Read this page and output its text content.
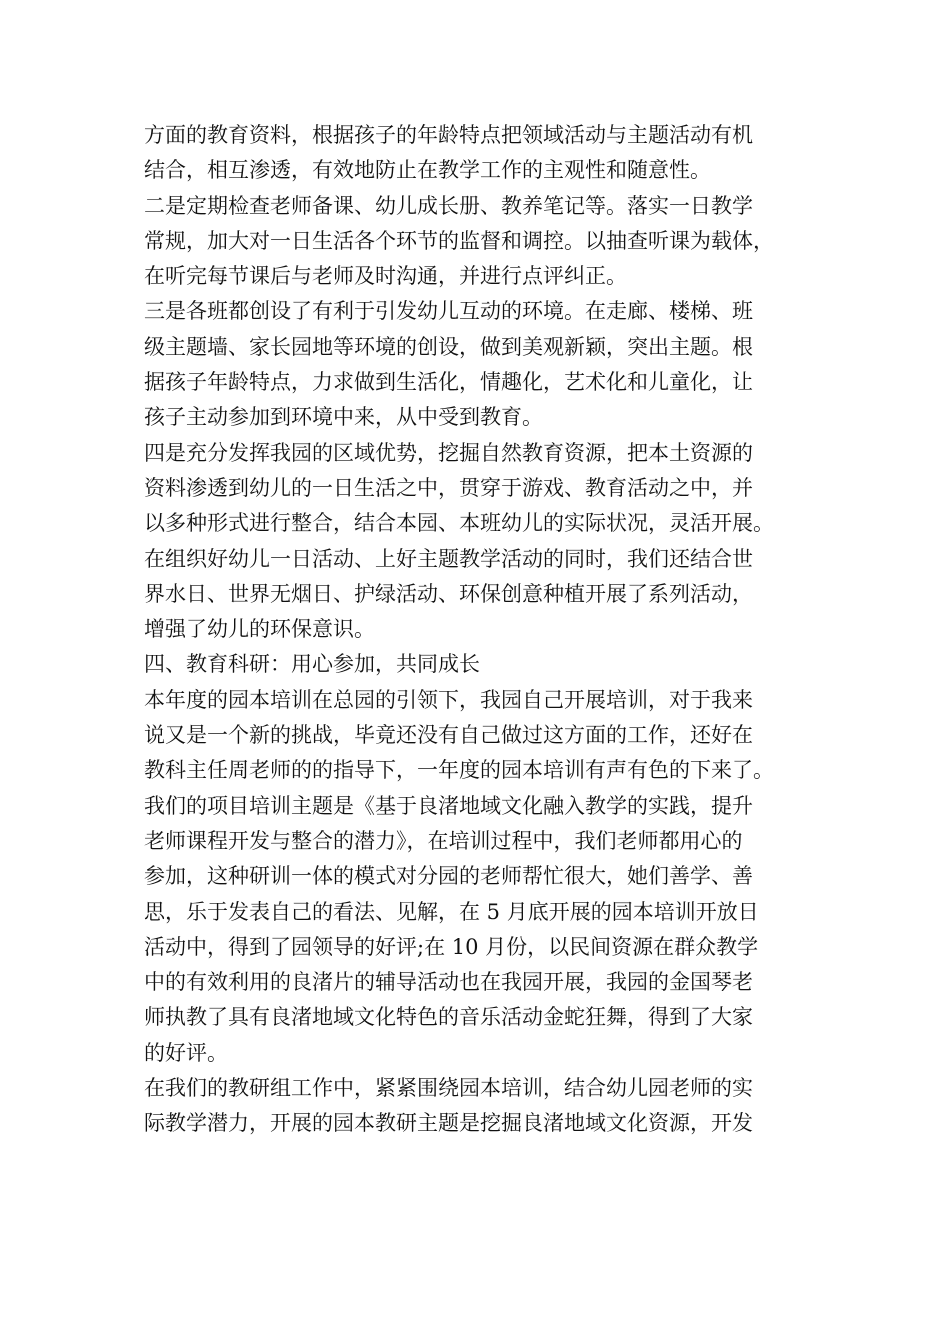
方面的教育资料，根据孩子的年龄特点把领域活动与主题活动有机
结合，相互渗透，有效地防止在教学工作的主观性和随意性。
二是定期检查老师备课、幼儿成长册、教养笔记等。落实一日教学
常规，加大对一日生活各个环节的监督和调控。以抽查听课为载体，
在听完每节课后与老师及时沟通，并进行点评纠正。
三是各班都创设了有利于引发幼儿互动的环境。在走廊、楼梯、班
级主题墙、家长园地等环境的创设，做到美观新颖，突出主题。根
据孩子年龄特点，力求做到生活化，情趣化，艺术化和儿童化，让
孩子主动参加到环境中来，从中受到教育。
四是充分发挥我园的区域优势，挖掘自然教育资源，把本土资源的
资料渗透到幼儿的一日生活之中，贯穿于游戏、教育活动之中，并
以多种形式进行整合，结合本园、本班幼儿的实际状况，灵活开展。
在组织好幼儿一日活动、上好主题教学活动的同时，我们还结合世
界水日、世界无烟日、护绿活动、环保创意种植开展了系列活动，
增强了幼儿的环保意识。
四、教育科研：用心参加，共同成长
本年度的园本培训在总园的引领下，我园自己开展培训，对于我来
说又是一个新的挑战，毕竟还没有自己做过这方面的工作，还好在
教科主任周老师的的指导下，一年度的园本培训有声有色的下来了。
我们的项目培训主题是《基于良渚地域文化融入教学的实践，提升
老师课程开发与整合的潜力》，在培训过程中，我们老师都用心的
参加，这种研训一体的模式对分园的老师帮忙很大，她们善学、善
思，乐于发表自己的看法、见解，在 5 月底开展的园本培训开放日
活动中，得到了园领导的好评;在 10 月份，以民间资源在群众教学
中的有效利用的良渚片的辅导活动也在我园开展，我园的金国琴老
师执教了具有良渚地域文化特色的音乐活动金蛇狂舞，得到了大家
的好评。
在我们的教研组工作中，紧紧围绕园本培训，结合幼儿园老师的实
际教学潜力，开展的园本教研主题是挖掘良渚地域文化资源，开发
